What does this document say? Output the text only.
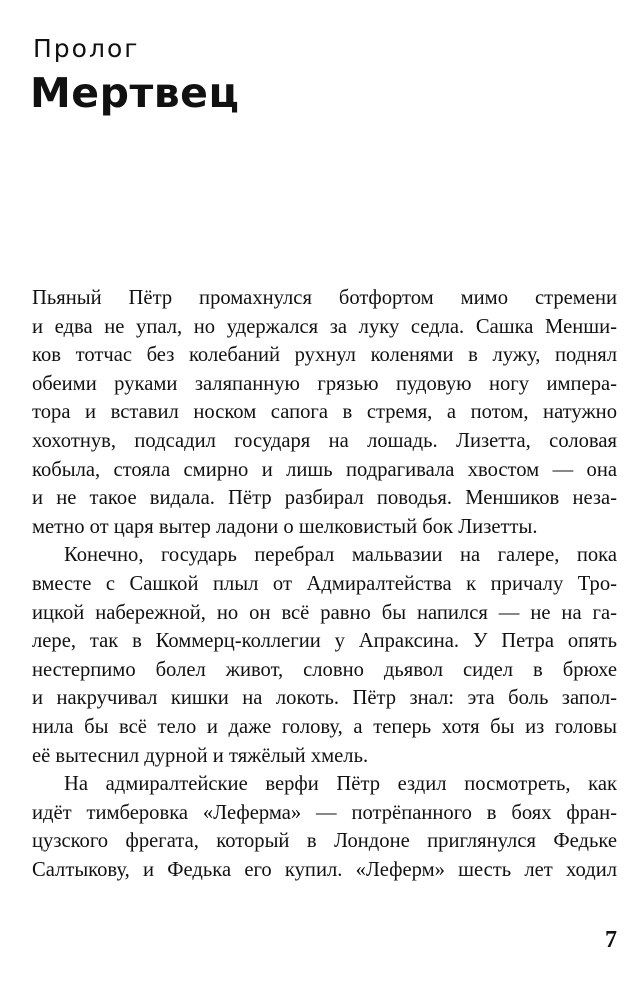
Пролог
Мертвец

Пьяный Пётр промахнулся ботфортом мимо стремени
и едва не упал, но удержался за луку седла. Сашка Менши-
ков тотчас без колебаний рухнул коленями в лужу, поднял
обеими руками заляпанную грязью пудовую ногу импера-
тора и вставил носком сапога в стремя, а потом, натужно
хохотнув, подсадил государя на лошадь. Лизетта, соловая
кобыла, стояла смирно и лишь подрагивала хвостом — она
и не такое видала. Пётр разбирал поводья. Меншиков неза-
метно от царя вытер ладони о шелковистый бок Лизетты.

Конечно, государь перебрал мальвазии на галере, пока
вместе с Сашкой плыл от Адмиралтейства к причалу Тро-
ицкой набережной, но он всё равно бы напился — не на га-
лере, так в Коммерц-коллегии у Апраксина. У Петра опять
нестерпимо болел живот, словно дьявол сидел в брюхе
и накручивал кишки на локоть. Пётр знал: эта боль запол-
нила бы всё тело и даже голову, а теперь хотя бы из головы
её вытеснил дурной и тяжёлый хмель.

На адмиралтейские верфи Пётр ездил посмотреть, как
идёт тимберовка «Леферма» — потрёпанного в боях фран-
цузского фрегата, который в Лондоне приглянулся Федьке
Салтыкову, и Федька его купил. «Леферм» шесть лет ходил

7
